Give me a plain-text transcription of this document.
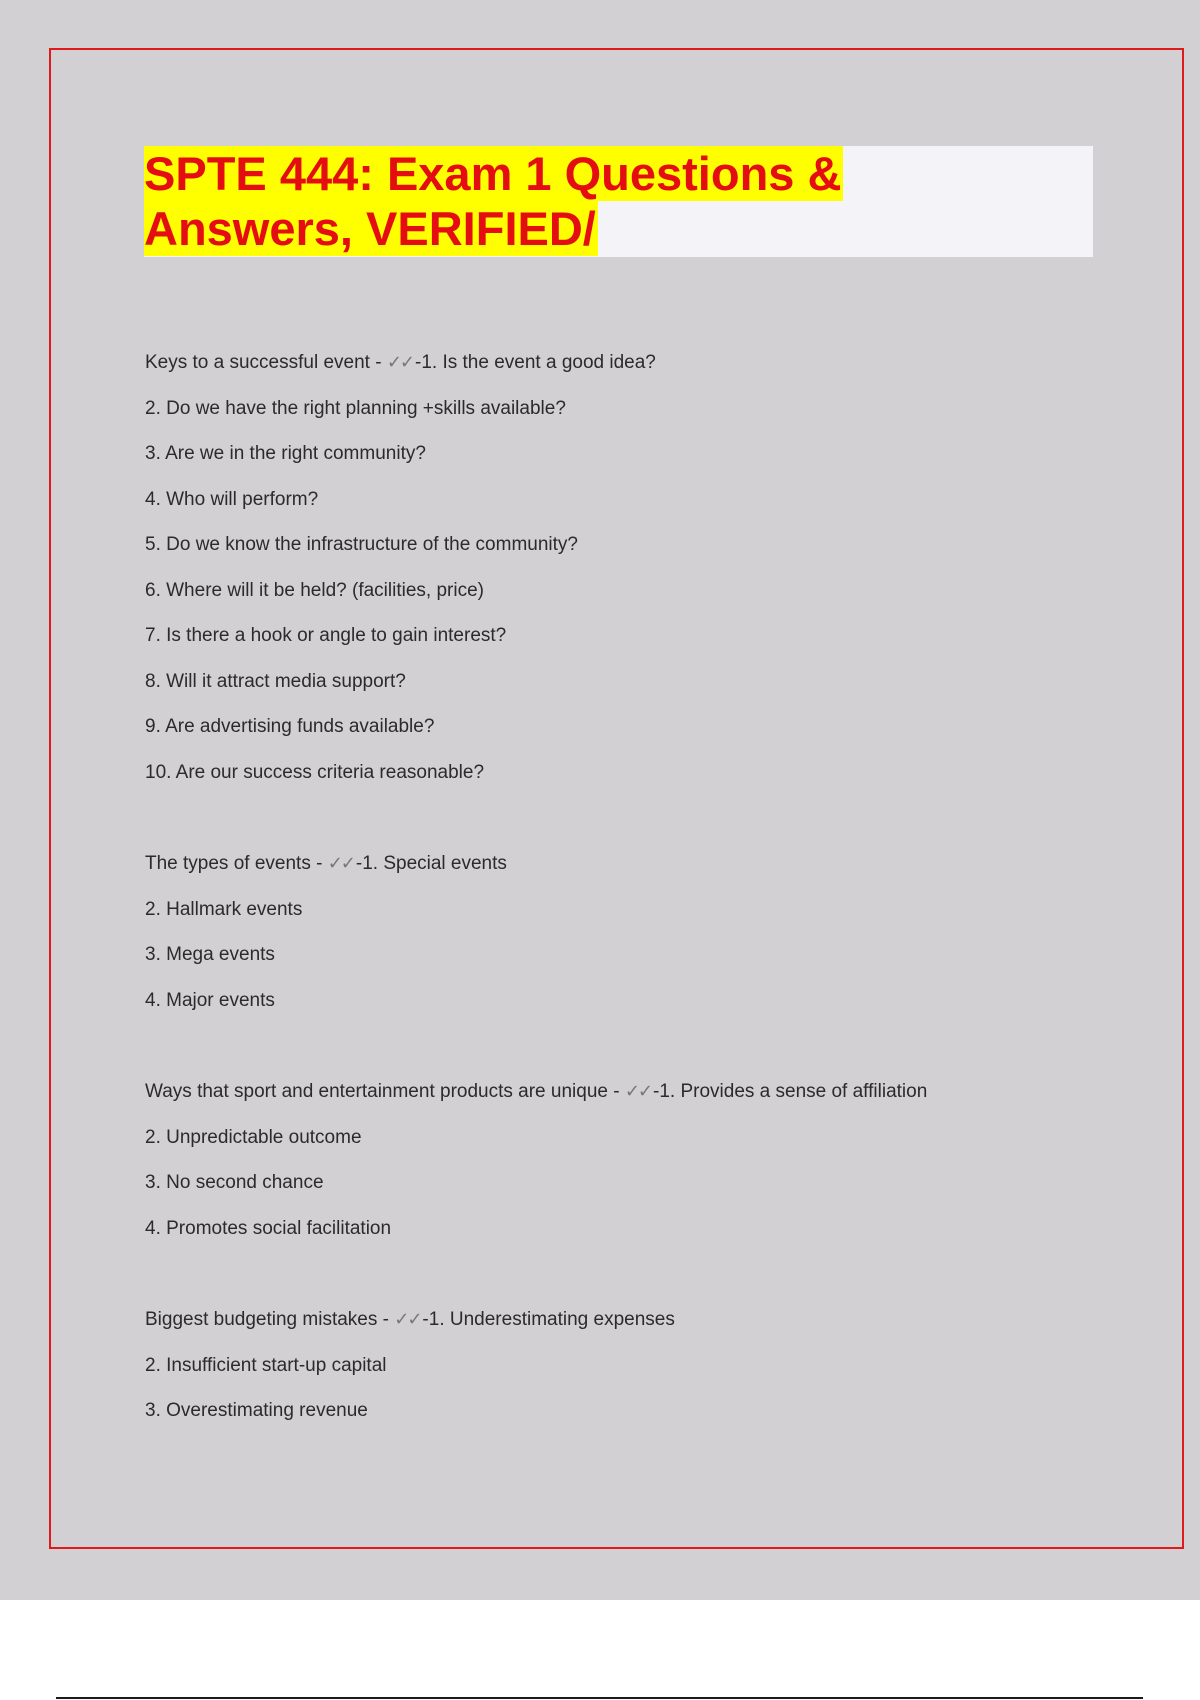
SPTE 444: Exam 1 Questions &
Answers, VERIFIED/
Keys to a successful event - ✓✓ -1. Is the event a good idea?
2. Do we have the right planning +skills available?
3. Are we in the right community?
4. Who will perform?
5. Do we know the infrastructure of the community?
6. Where will it be held? (facilities, price)
7. Is there a hook or angle to gain interest?
8. Will it attract media support?
9. Are advertising funds available?
10. Are our success criteria reasonable?
The types of events - ✓✓ -1. Special events
2. Hallmark events
3. Mega events
4. Major events
Ways that sport and entertainment products are unique - ✓✓ -1. Provides a sense of affiliation
2. Unpredictable outcome
3. No second chance
4. Promotes social facilitation
Biggest budgeting mistakes - ✓✓ -1. Underestimating expenses
2. Insufficient start-up capital
3. Overestimating revenue
